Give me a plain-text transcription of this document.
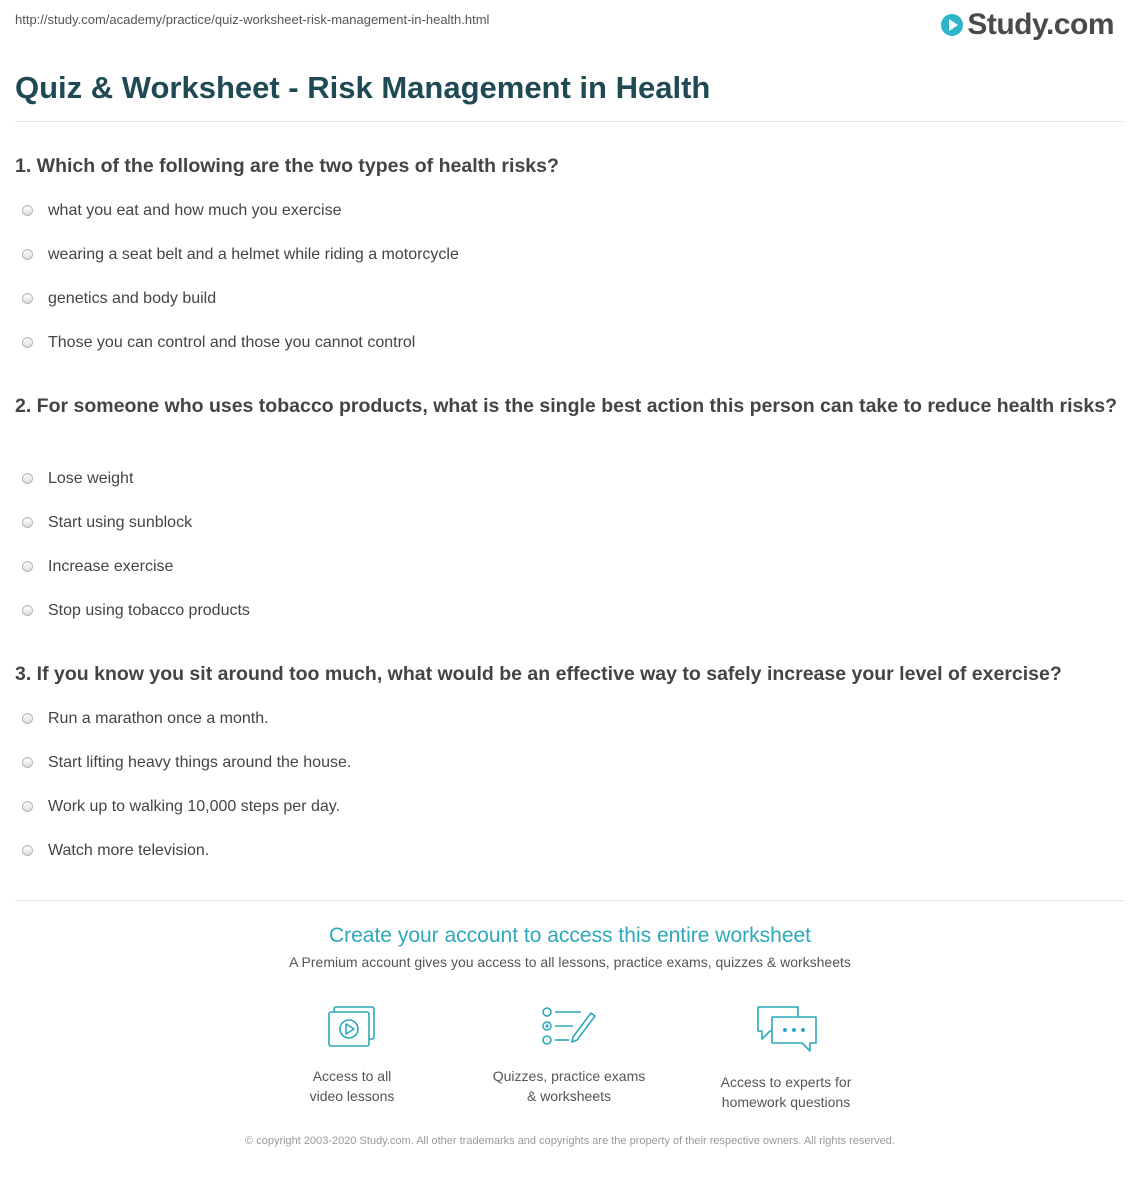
http://study.com/academy/practice/quiz-worksheet-risk-management-in-health.html	Study.com
Quiz & Worksheet - Risk Management in Health
1. Which of the following are the two types of health risks?
what you eat and how much you exercise
wearing a seat belt and a helmet while riding a motorcycle
genetics and body build
Those you can control and those you cannot control
2. For someone who uses tobacco products, what is the single best action this person can take to reduce health risks?
Lose weight
Start using sunblock
Increase exercise
Stop using tobacco products
3. If you know you sit around too much, what would be an effective way to safely increase your level of exercise?
Run a marathon once a month.
Start lifting heavy things around the house.
Work up to walking 10,000 steps per day.
Watch more television.
Create your account to access this entire worksheet
A Premium account gives you access to all lessons, practice exams, quizzes & worksheets
Access to all
video lessons
Quizzes, practice exams
& worksheets
Access to experts for
homework questions
© copyright 2003-2020 Study.com. All other trademarks and copyrights are the property of their respective owners. All rights reserved.
